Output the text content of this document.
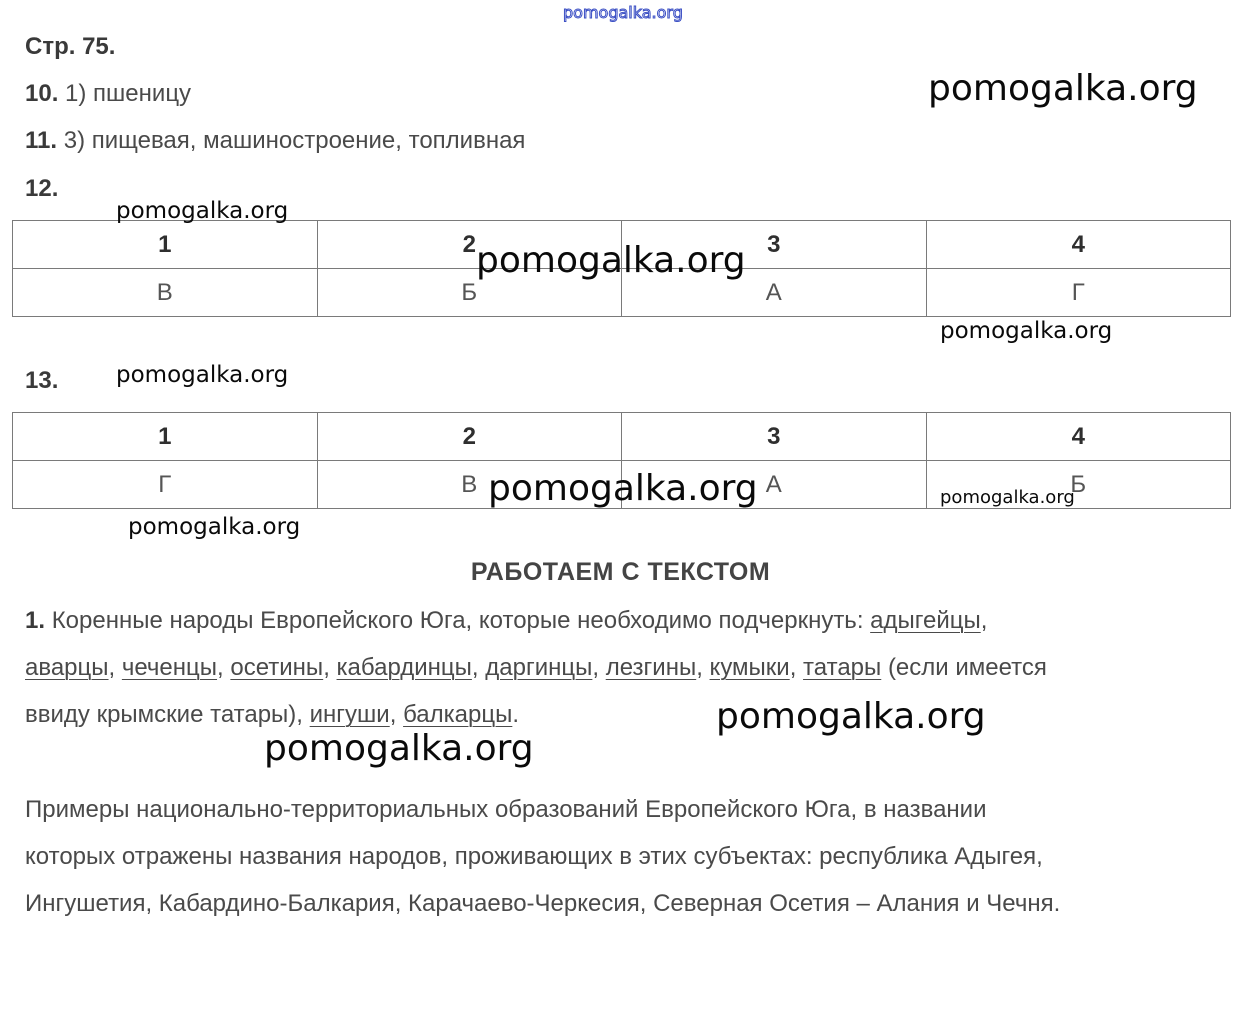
pomogalka.org
Стр. 75.
10. 1) пшеницу
11. 3) пищевая, машиностроение, топливная
12.
1	2	3	4
В	Б	А	Г
13.
1	2	3	4
Г	В	А	Б
РАБОТАЕМ С ТЕКСТОМ
1. Коренные народы Европейского Юга, которые необходимо подчеркнуть: адыгейцы,
аварцы, чеченцы, осетины, кабардинцы, даргинцы, лезгины, кумыки, татары (если имеется
ввиду крымские татары), ингуши, балкарцы.
Примеры национально-территориальных образований Европейского Юга, в названии
которых отражены названия народов, проживающих в этих субъектах: республика Адыгея,
Ингушетия, Кабардино-Балкария, Карачаево-Черкесия, Северная Осетия – Алания и Чечня.
pomogalka.org
pomogalka.org
pomogalka.org
pomogalka.org
pomogalka.org
pomogalka.org	pomogalka.org
pomogalka.org
pomogalka.org
pomogalka.org
